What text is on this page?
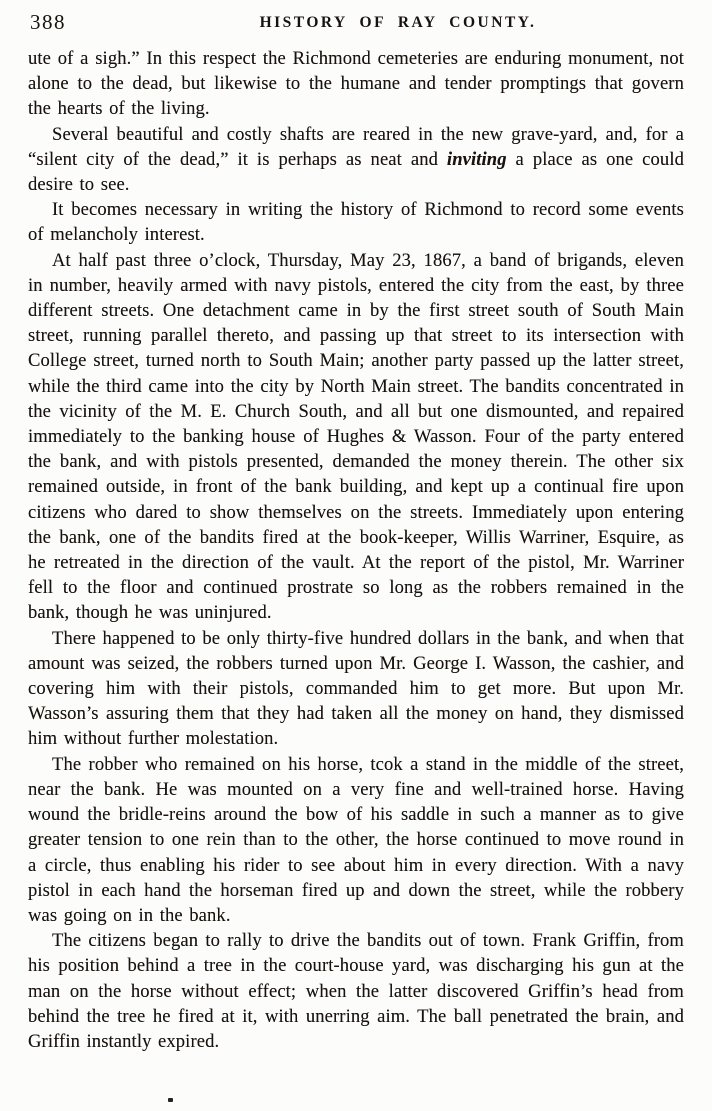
388	HISTORY OF RAY COUNTY.

ute of a sigh.” In this respect the Richmond cemeteries are enduring monument, not alone to the dead, but likewise to the humane and tender promptings that govern the hearts of the living.

Several beautiful and costly shafts are reared in the new grave-yard, and, for a “silent city of the dead,” it is perhaps as neat and inviting a place as one could desire to see.

It becomes necessary in writing the history of Richmond to record some events of melancholy interest.

At half past three o’clock, Thursday, May 23, 1867, a band of brigands, eleven in number, heavily armed with navy pistols, entered the city from the east, by three different streets. One detachment came in by the first street south of South Main street, running parallel thereto, and passing up that street to its intersection with College street, turned north to South Main; another party passed up the latter street, while the third came into the city by North Main street. The bandits concentrated in the vicinity of the M. E. Church South, and all but one dismounted, and repaired immediately to the banking house of Hughes & Wasson. Four of the party entered the bank, and with pistols presented, demanded the money therein. The other six remained outside, in front of the bank building, and kept up a continual fire upon citizens who dared to show themselves on the streets. Immediately upon entering the bank, one of the bandits fired at the book-keeper, Willis Warriner, Esquire, as he retreated in the direction of the vault. At the report of the pistol, Mr. Warriner fell to the floor and continued prostrate so long as the robbers remained in the bank, though he was uninjured.

There happened to be only thirty-five hundred dollars in the bank, and when that amount was seized, the robbers turned upon Mr. George I. Wasson, the cashier, and covering him with their pistols, commanded him to get more. But upon Mr. Wasson’s assuring them that they had taken all the money on hand, they dismissed him without further molestation.

The robber who remained on his horse, tcok a stand in the middle of the street, near the bank. He was mounted on a very fine and well-trained horse. Having wound the bridle-reins around the bow of his saddle in such a manner as to give greater tension to one rein than to the other, the horse continued to move round in a circle, thus enabling his rider to see about him in every direction. With a navy pistol in each hand the horseman fired up and down the street, while the robbery was going on in the bank.

The citizens began to rally to drive the bandits out of town. Frank Griffin, from his position behind a tree in the court-house yard, was discharging his gun at the man on the horse without effect; when the latter discovered Griffin’s head from behind the tree he fired at it, with unerring aim. The ball penetrated the brain, and Griffin instantly expired.
